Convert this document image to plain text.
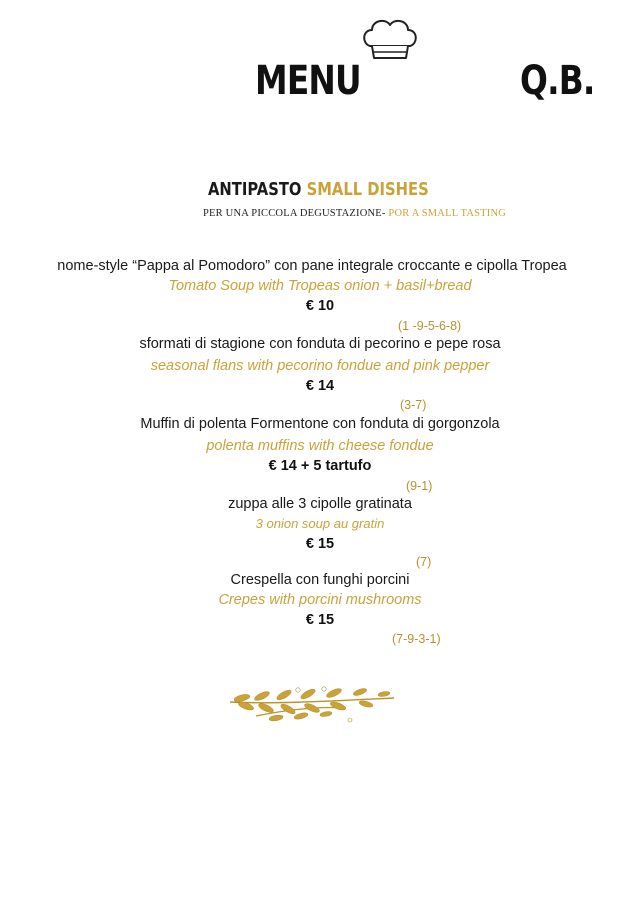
MENU	Q.B.
ANTIPASTO SMALL DISHES
PER UNA PICCOLA DEGUSTAZIONE- POR A SMALL TASTING
nome-style “Pappa al Pomodoro” con pane integrale croccante e cipolla Tropea
Tomato Soup with Tropeas onion + basil+bread
€ 10
(1 -9-5-6-8)
sformati di stagione con fonduta di pecorino e pepe rosa
seasonal flans with pecorino fondue and pink pepper
€ 14
(3-7)
Muffin di polenta Formentone con fonduta di gorgonzola
polenta muffins with cheese fondue
€ 14 + 5 tartufo
(9-1)
zuppa alle 3 cipolle gratinata
3 onion soup au gratin
€ 15
(7)
Crespella con funghi porcini
Crepes with porcini mushrooms
€ 15
(7-9-3-1)
